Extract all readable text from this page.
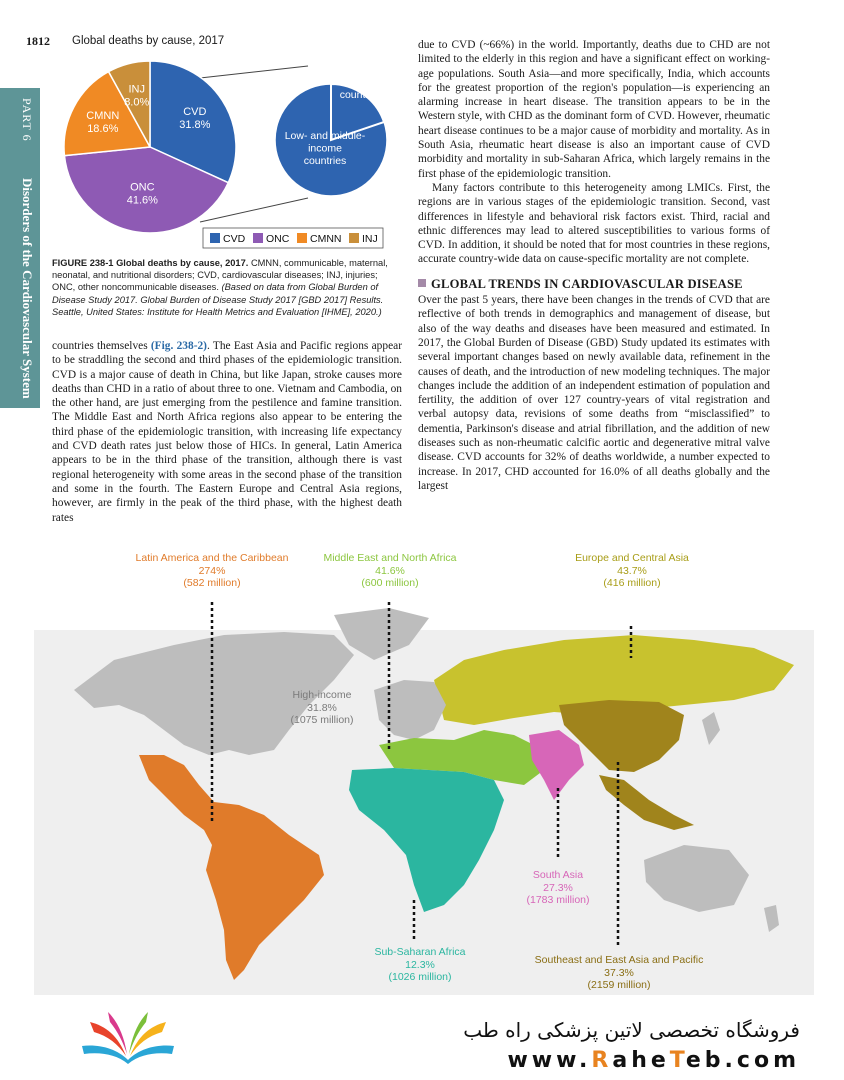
PART 6
Disorders of the Cardiovascular System
1812 Global deaths by cause, 2017
CVD
31.8%
ONC
41.6%
CMNN
18.6%
INJ
8.0%
High-income countries
Low- and middle-income countries
CVD ONC CMNN INJ
FIGURE 238-1 Global deaths by cause, 2017. CMNN, communicable, maternal, neonatal, and nutritional disorders; CVD, cardiovascular diseases; INJ, injuries; ONC, other noncommunicable diseases. (Based on data from Global Burden of Disease Study 2017. Global Burden of Disease Study 2017 [GBD 2017] Results. Seattle, United States: Institute for Health Metrics and Evaluation [IHME], 2020.)

countries themselves (Fig. 238-2). The East Asia and Pacific regions appear to be straddling the second and third phases of the epidemiologic transition. CVD is a major cause of death in China, but like Japan, stroke causes more deaths than CHD in a ratio of about three to one. Vietnam and Cambodia, on the other hand, are just emerging from the pestilence and famine transition. The Middle East and North Africa regions also appear to be entering the third phase of the epidemiologic transition, with increasing life expectancy and CVD death rates just below those of HICs. In general, Latin America appears to be in the third phase of the transition, although there is vast regional heterogeneity with some areas in the second phase of the transition and some in the fourth. The Eastern Europe and Central Asia regions, however, are firmly in the peak of the third phase, with the highest death rates

due to CVD (~66%) in the world. Importantly, deaths due to CHD are not limited to the elderly in this region and have a significant effect on working-age populations. South Asia—and more specifically, India, which accounts for the greatest proportion of the region's population—is experiencing an alarming increase in heart disease. The transition appears to be in the Western style, with CHD as the dominant form of CVD. However, rheumatic heart disease continues to be a major cause of morbidity and mortality. As in South Asia, rheumatic heart disease is also an important cause of CVD morbidity and mortality in sub-Saharan Africa, which largely remains in the first phase of the epidemiologic transition.

Many factors contribute to this heterogeneity among LMICs. First, the regions are in various stages of the epidemiologic transition. Second, vast differences in lifestyle and behavioral risk factors exist. Third, racial and ethnic differences may lead to altered susceptibilities to various forms of CVD. In addition, it should be noted that for most countries in these regions, accurate country-wide data on cause-specific mortality are not complete.

GLOBAL TRENDS IN CARDIOVASCULAR DISEASE

Over the past 5 years, there have been changes in the trends of CVD that are reflective of both trends in demographics and management of disease, but also of the way deaths and diseases have been measured and estimated. In 2017, the Global Burden of Disease (GBD) Study updated its estimates with several important changes based on newly available data, refinement in the causes of death, and the introduction of new modeling techniques. The major changes include the addition of an independent estimation of population and fertility, the addition of over 127 country-years of vital registration and verbal autopsy data, revisions of some deaths from “misclassified” to dementia, Parkinson's disease and atrial fibrillation, and the addition of new diseases such as non-rheumatic calcific aortic and degenerative mitral valve disease. CVD accounts for 32% of deaths worldwide, a number expected to increase. In 2017, CHD accounted for 16.0% of all deaths globally and the largest

Latin America and the Caribbean
274%
(582 million)
Middle East and North Africa
41.6%
(600 million)
Europe and Central Asia
43.7%
(416 million)
High-income
31.8%
(1075 million)
South Asia
27.3%
(1783 million)
Sub-Saharan Africa
12.3%
(1026 million)
Southeast and East Asia and Pacific
37.3%
(2159 million)
فروشگاه تخصصی لاتین پزشکی راه طب
www.RaheTeb.com
